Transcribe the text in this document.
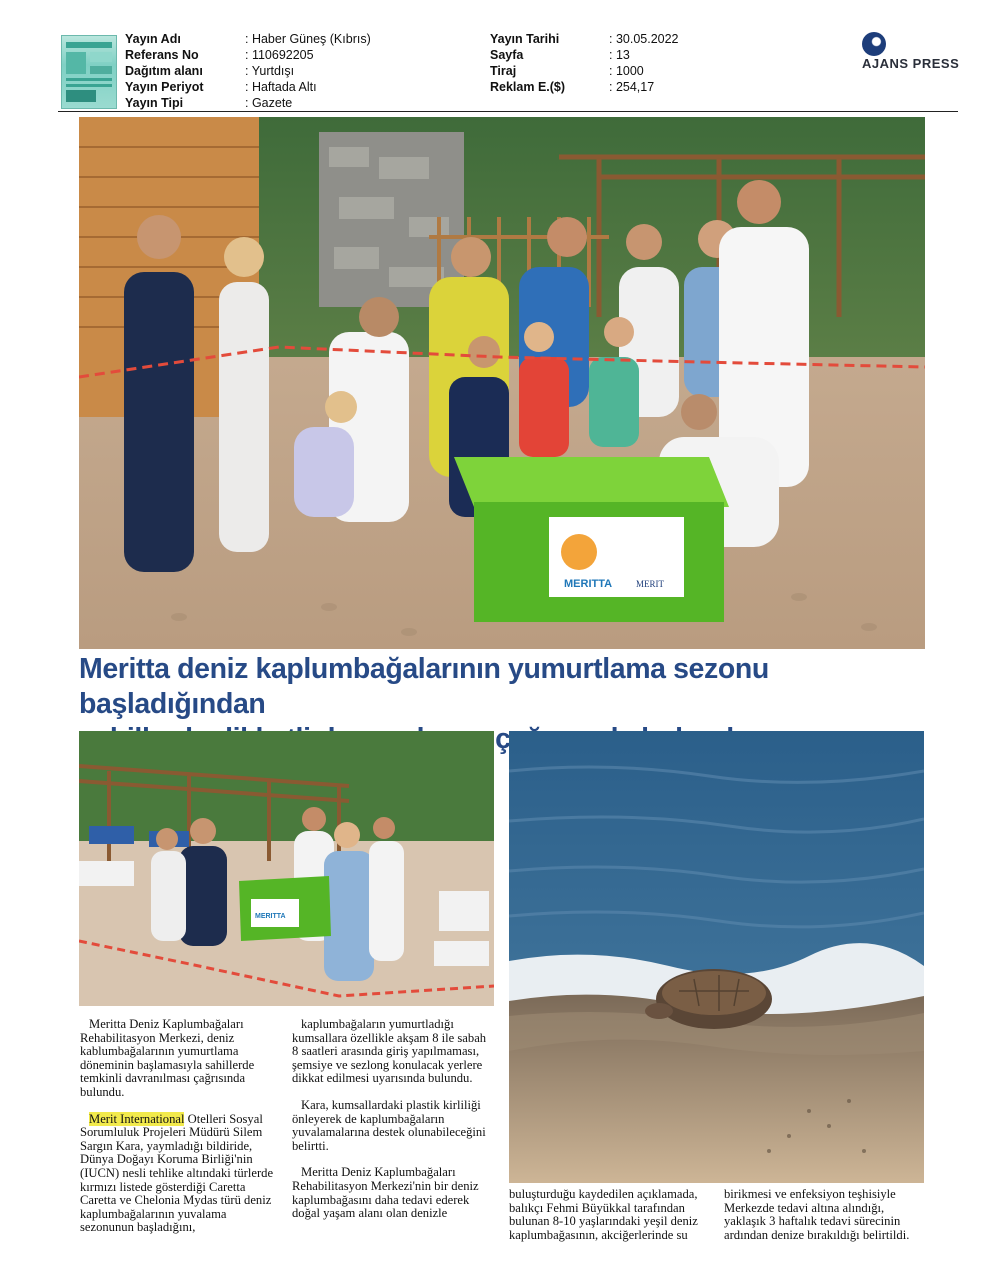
Yayın Adı
Referans No
Dağıtım alanı
Yayın Periyot
Yayın Tipi
: Haber Güneş (Kıbrıs)
: 110692205
: Yurtdışı
: Haftada Altı
: Gazete
Yayın Tarihi
Sayfa
Tiraj
Reklam E.($)
: 30.05.2022
: 13
: 1000
: 254,17
AJANS PRESS
MERITTA	MERIT
Meritta deniz kaplumbağalarının yumurtlama sezonu başladığından
MERITTA

Meritta Deniz Kaplumbağaları Rehabilitasyon Merkezi, deniz kablumbağalarının yumurtlama döneminin başlamasıyla sahillerde temkinli davranılması çağrısında bulundu.

Merit International Otelleri Sosyal Sorumluluk Projeleri Müdürü Silem Sargın Kara, yaymladığı bildiride, Dünya Doğayı Koruma Birliği'nin (IUCN) nesli tehlike altındaki türlerde kırmızı listede gösterdiği Caretta Caretta ve Chelonia Mydas türü deniz kaplumbağalarının yuvalama sezonunun başladığını,

kaplumbağaların yumurtladığı kumsallara özellikle akşam 8 ile sabah 8 saatleri arasında giriş yapılmaması, şemsiye ve sezlong konulacak yerlere dikkat edilmesi uyarısında bulundu.

Kara, kumsallardaki plastik kirliliği önleyerek de kaplumbağaların yuvalamalarına destek olunabileceğini belirtti.

Meritta Deniz Kaplumbağaları Rehabilitasyon Merkezi'nin bir deniz kaplumbağasını daha tedavi ederek doğal yaşam alanı olan denizle

buluşturduğu kaydedilen açıklamada, balıkçı Fehmi Büyükkal tarafından bulunan 8-10 yaşlarındaki yeşil deniz kaplumbağasının, akciğerlerinde su

birikmesi ve enfeksiyon teşhisiyle Merkezde tedavi altına alındığı, yaklaşık 3 haftalık tedavi sürecinin ardından denize bırakıldığı belirtildi.
